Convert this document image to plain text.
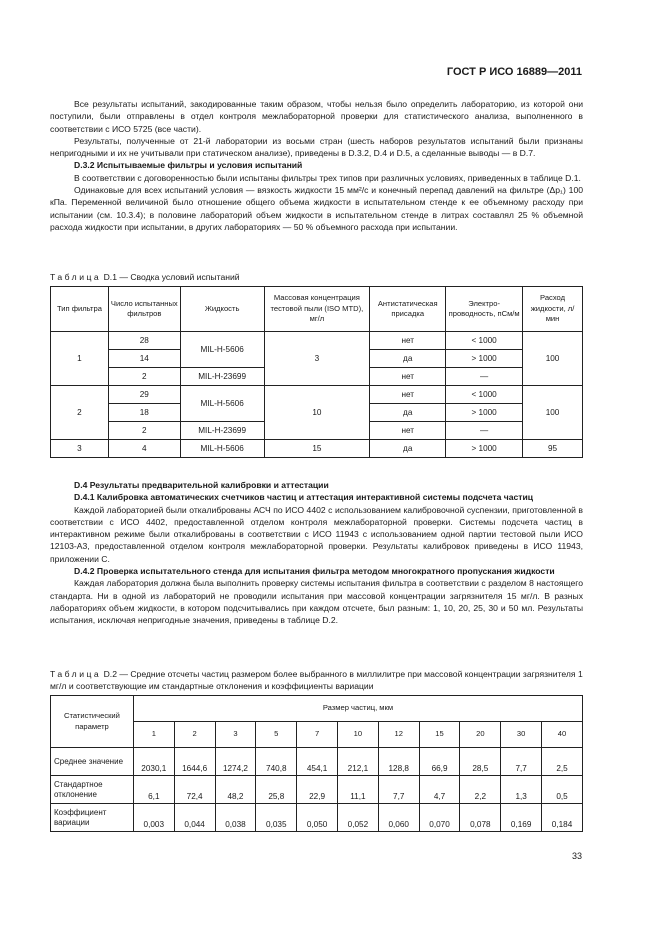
ГОСТ Р ИСО 16889—2011

Все результаты испытаний, закодированные таким образом, чтобы нельзя было определить лабораторию, из которой они поступили, были отправлены в отдел контроля межлабораторной проверки для статистического анализа, выполненного в соответствии с ИСО 5725 (все части).

Результаты, полученные от 21-й лаборатории из восьми стран (шесть наборов результатов испытаний были признаны непригодными и их не учитывали при статическом анализе), приведены в D.3.2, D.4 и D.5, а сделанные выводы — в D.7.

D.3.2 Испытываемые фильтры и условия испытаний

В соответствии с договоренностью были испытаны фильтры трех типов при различных условиях, приведенных в таблице D.1.

Одинаковые для всех испытаний условия — вязкость жидкости 15 мм²/с и конечный перепад давлений на фильтре (Δp₁) 100 кПа. Переменной величиной было отношение общего объема жидкости в испытательном стенде к ее объемному расходу при испытании (см. 10.3.4); в половине лабораторий объем жидкости в испытательном стенде в литрах составлял 25 % объемной расхода жидкости при испытании, в других лабораториях — 50 % объемного расхода при испытании.

Таблица D.1 — Сводка условий испытаний
Тип фильтра	Число испытанных фильтров	Жидкость	Массовая концентрация тестовой пыли (ISO MTD), мг/л	Антистатическая присадка	Электро-проводность, пСм/м	Расход жидкости, л/мин
1	28	MIL-H-5606	3	нет	< 1000	100
	14			да	> 1000	
	2	MIL-H-23699		нет	—	
2	29	MIL-H-5606	10	нет	< 1000	100
	18			да	> 1000	
	2	MIL-H-23699		нет	—	
3	4	MIL-H-5606	15	да	> 1000	95

D.4 Результаты предварительной калибровки и аттестации

D.4.1 Калибровка автоматических счетчиков частиц и аттестация интерактивной системы подсчета частиц

Каждой лабораторией были откалиброваны АСЧ по ИСО 4402 с использованием калибровочной суспензии, приготовленной в соответствии с ИСО 4402, предоставленной отделом контроля межлабораторной проверки. Системы подсчета частиц в интерактивном режиме были откалиброваны в соответствии с ИСО 11943 с использованием одной партии тестовой пыли ИСО 12103-А3, предоставленной отделом контроля межлабораторной проверки. Результаты калибровок приведены в ИСО 11943, приложении С.

D.4.2 Проверка испытательного стенда для испытания фильтра методом многократного пропускания жидкости

Каждая лаборатория должна была выполнить проверку системы испытания фильтра в соответствии с разделом 8 настоящего стандарта. Ни в одной из лабораторий не проводили испытания при массовой концентрации загрязнителя 15 мг/л. В разных лабораториях объем жидкости, в котором подсчитывались при каждом отсчете, был разным: 1, 10, 20, 25, 30 и 50 мл. Результаты испытания, исключая непригодные значения, приведены в таблице D.2.

Таблица D.2 — Средние отсчеты частиц размером более выбранного в миллилитре при массовой концентрации загрязнителя 1 мг/л и соответствующие им стандартные отклонения и коэффициенты вариации
Статистический параметр	Размер частиц, мкм										
	1	2	3	5	7	10	12	15	20	30	40
Среднее значение	2030,1	1644,6	1274,2	740,8	454,1	212,1	128,8	66,9	28,5	7,7	2,5
Стандартное отклонение	6,1	72,4	48,2	25,8	22,9	11,1	7,7	4,7	2,2	1,3	0,5
Коэффициент вариации	0,003	0,044	0,038	0,035	0,050	0,052	0,060	0,070	0,078	0,169	0,184
33
